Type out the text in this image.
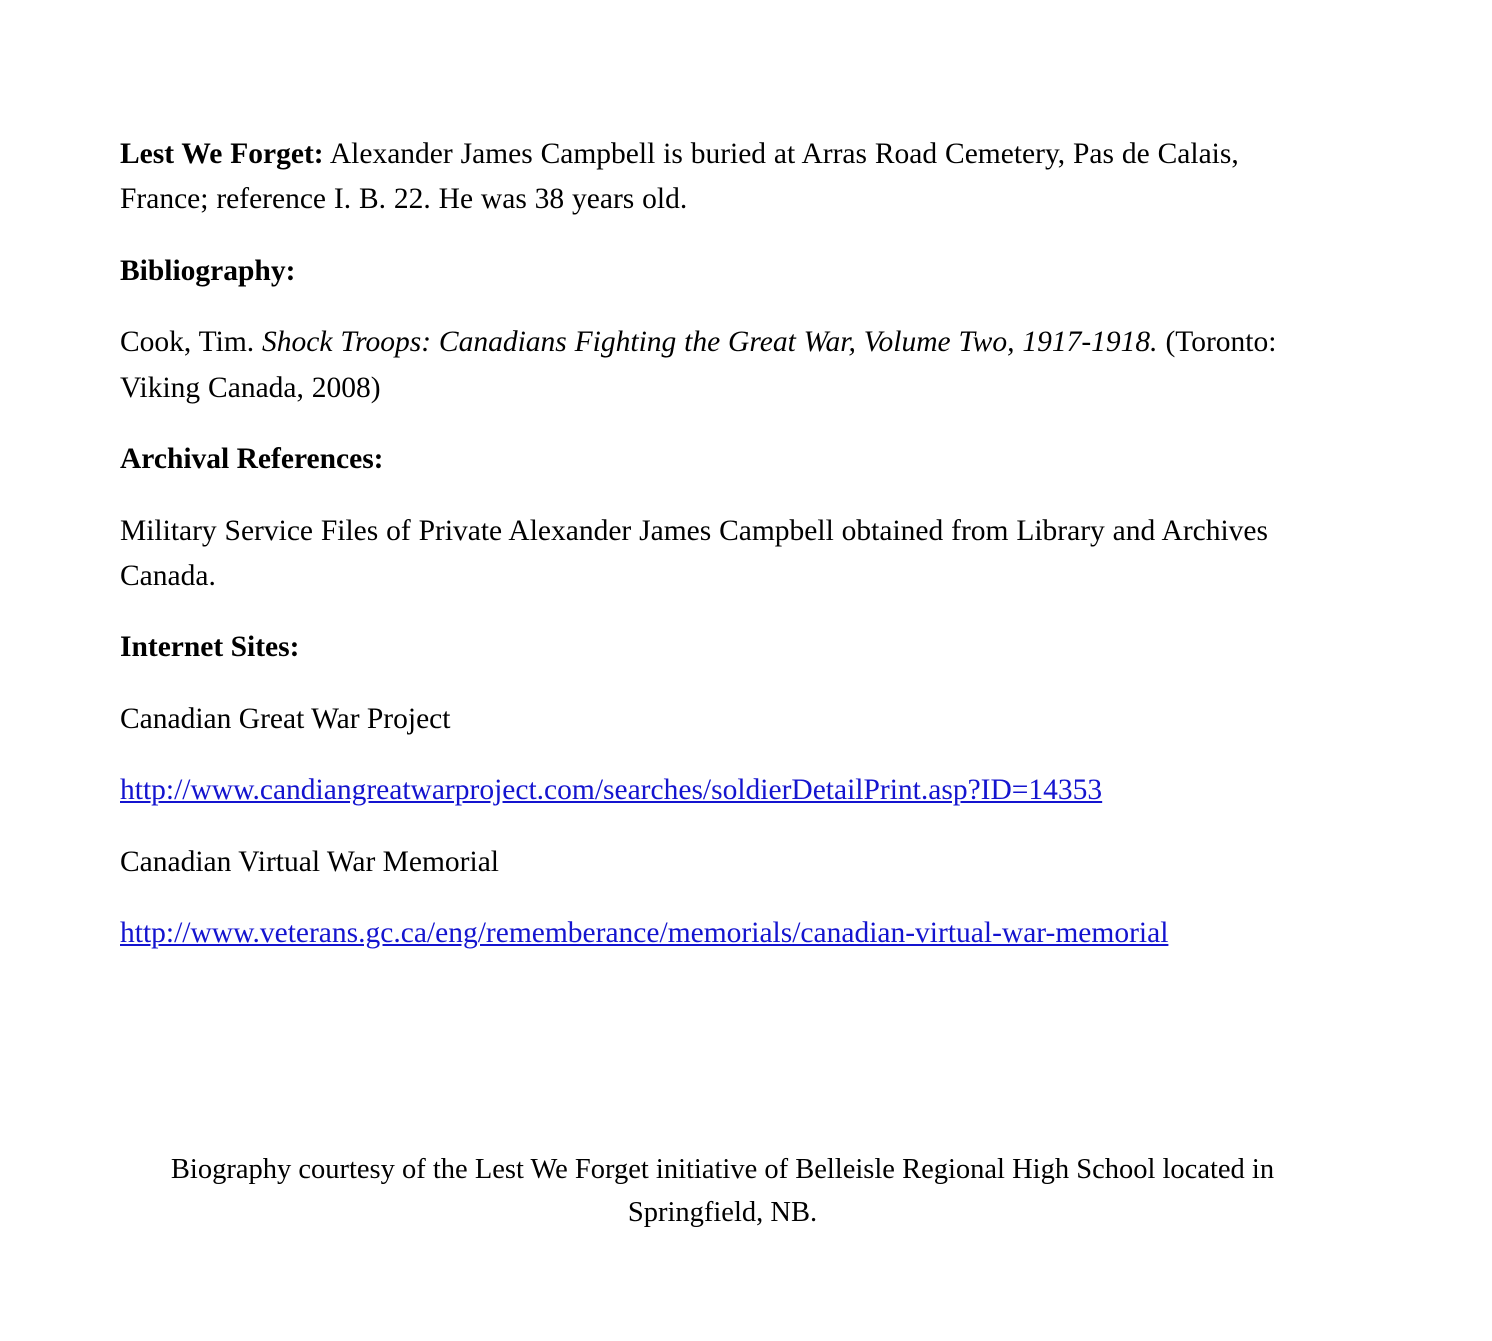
Lest We Forget: Alexander James Campbell is buried at Arras Road Cemetery, Pas de Calais, France; reference I. B. 22. He was 38 years old.

Bibliography:

Cook, Tim. Shock Troops: Canadians Fighting the Great War, Volume Two, 1917-1918. (Toronto: Viking Canada, 2008)

Archival References:

Military Service Files of Private Alexander James Campbell obtained from Library and Archives Canada.

Internet Sites:

Canadian Great War Project

http://www.candiangreatwarproject.com/searches/soldierDetailPrint.asp?ID=14353

Canadian Virtual War Memorial

http://www.veterans.gc.ca/eng/rememberance/memorials/canadian-virtual-war-memorial

Biography courtesy of the Lest We Forget initiative of Belleisle Regional High School located in Springfield, NB.
